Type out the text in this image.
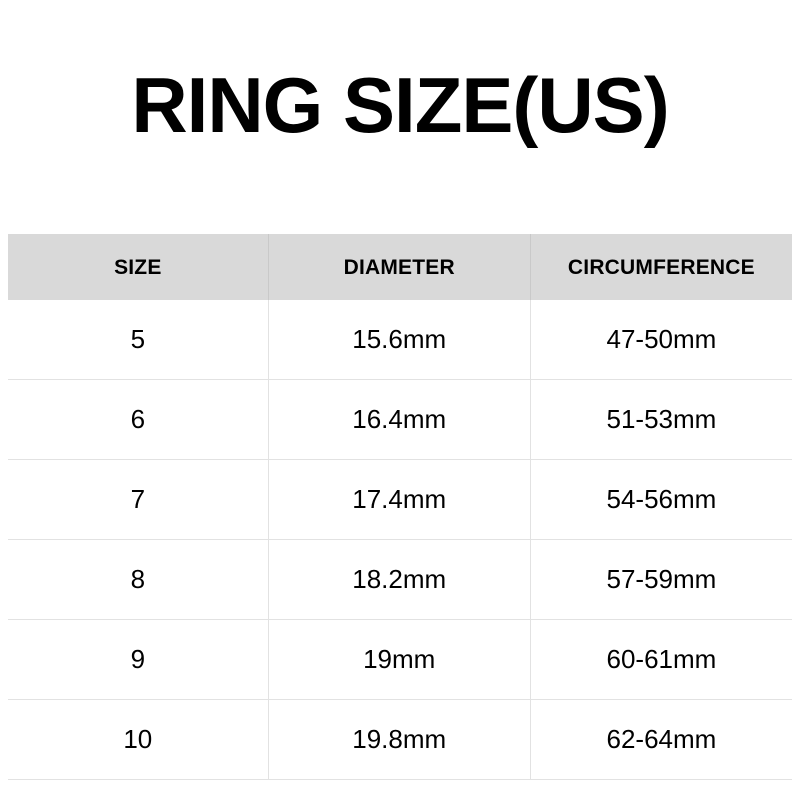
RING SIZE(US)
SIZE	DIAMETER	CIRCUMFERENCE
5	15.6mm	47-50mm
6	16.4mm	51-53mm
7	17.4mm	54-56mm
8	18.2mm	57-59mm
9	19mm	60-61mm
10	19.8mm	62-64mm
